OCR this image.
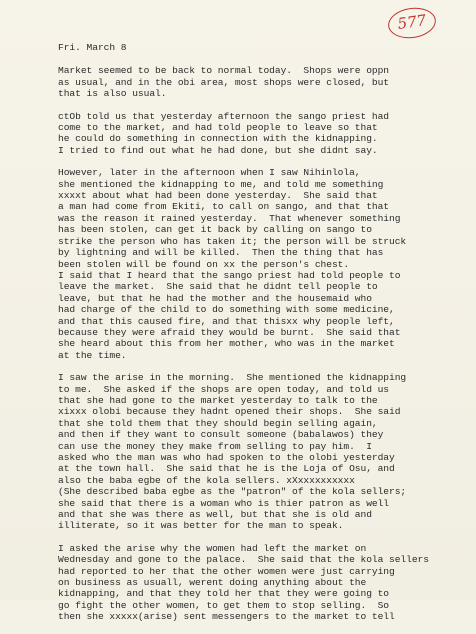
577
Fri. March 8
Market seemed to be back to normal today.  Shops were oppn
as usual, and in the obi area, most shops were closed, but
that is also usual.
ctOb told us that yesterday afternoon the sango priest had
come to the market, and had told people to leave so that
he could do something in connection with the kidnapping.
I tried to find out what he had done, but she didnt say.
However, later in the afternoon when I saw Nihinlola,
she mentioned the kidnapping to me, and told me something
xxxxt about what had been done yesterday.  She said that
a man had come from Ekiti, to call on sango, and that that
was the reason it rained yesterday.  That whenever something
has been stolen, can get it back by calling on sango to
strike the person who has taken it; the person will be struck
by lightning and will be killed.  Then the thing that has
been stolen will be found on xx the person's chest.
I said that I heard that the sango priest had told people to
leave the market.  She said that he didnt tell people to
leave, but that he had the mother and the housemaid who
had charge of the child to do something with some medicine,
and that this caused fire, and that thisxx why people left,
because they were afraid they would be burnt.  She said that
she heard about this from her mother, who was in the market
at the time.
I saw the arise in the morning.  She mentioned the kidnapping
to me.  She asked if the shops are open today, and told us
that she had gone to the market yesterday to talk to the
xixxx olobi because they hadnt opened their shops.  She said
that she told them that they should begin selling again,
and then if they want to consult someone (babalawos) they
can use the money they make from selling to pay him.  I
asked who the man was who had spoken to the olobi yesterday
at the town hall.  She said that he is the Loja of Osu, and
also the baba egbe of the kola sellers. xXxxxxxxxxxx
(She described baba egbe as the "patron" of the kola sellers;
she said that there is a woman who is thier patron as well
and that she was there as well, but that she is old and
illiterate, so it was better for the man to speak.
I asked the arise why the women had left the market on
Wednesday and gone to the palace.  She said that the kola sellers
had reported to her that the other women were just carrying
on business as usuall, werent doing anything about the
kidnapping, and that they told her that they were going to
go fight the other women, to get them to stop selling.  So
then she xxxxx(arise) sent messengers to the market to tell
